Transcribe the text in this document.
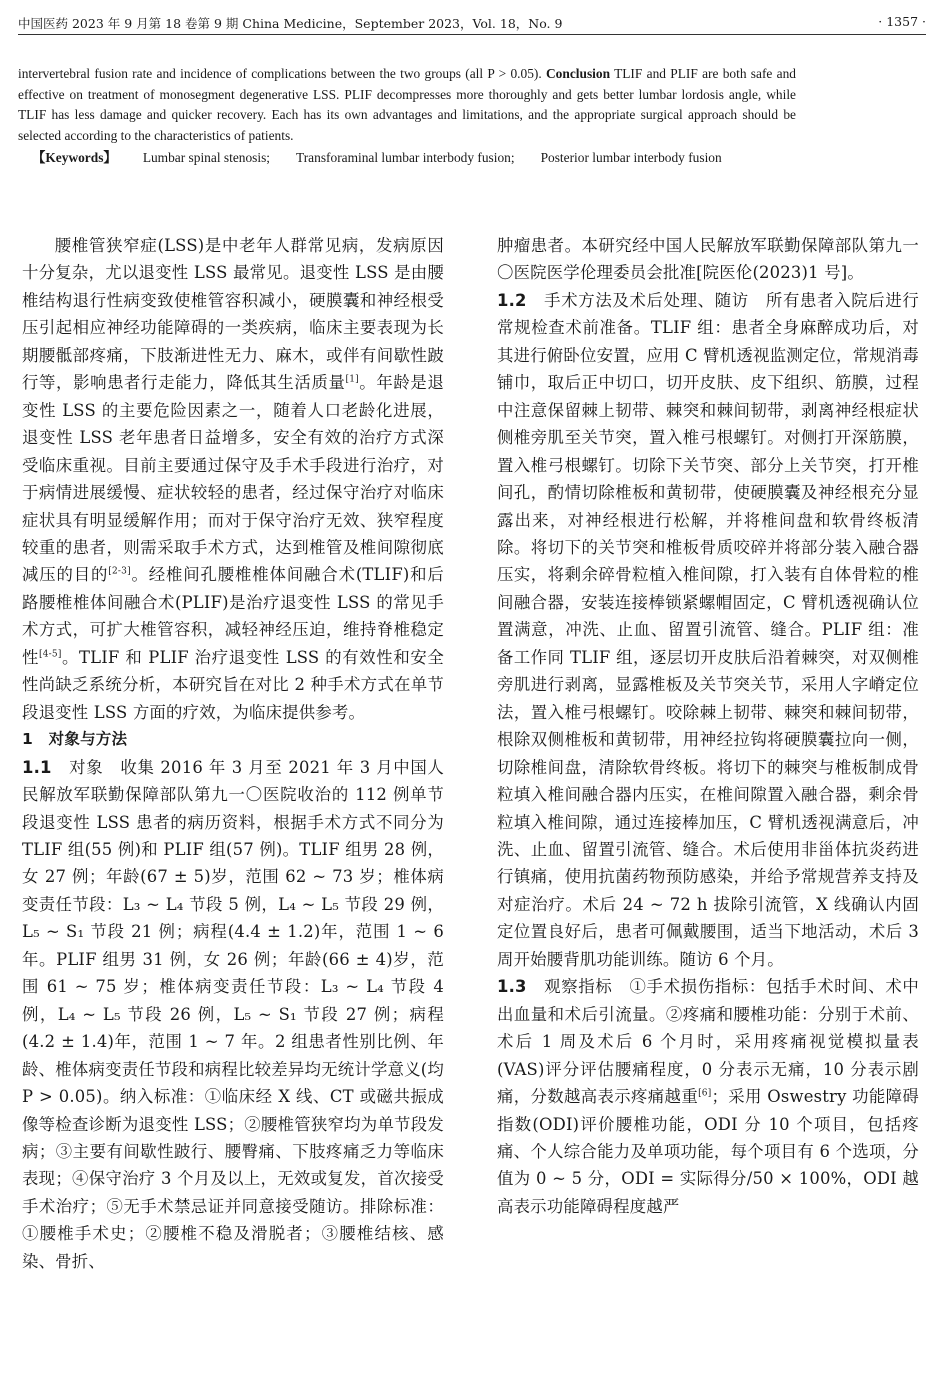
中国医药 2023 年 9 月第 18 卷第 9 期 China Medicine，September 2023，Vol. 18，No. 9	· 1357 ·
intervertebral fusion rate and incidence of complications between the two groups (all P > 0.05). Conclusion TLIF and PLIF are both safe and effective on treatment of monosegment degenerative LSS. PLIF decompresses more thoroughly and gets better lumbar lordosis angle, while TLIF has less damage and quicker recovery. Each has its own advantages and limitations, and the appropriate surgical approach should be selected according to the characteristics of patients.
【Keywords】 Lumbar spinal stenosis; Transforaminal lumbar interbody fusion; Posterior lumbar interbody fusion

腰椎管狭窄症(LSS)是中老年人群常见病，发病原因十分复杂，尤以退变性 LSS 最常见。退变性 LSS 是由腰椎结构退行性病变致使椎管容积减小，硬膜囊和神经根受压引起相应神经功能障碍的一类疾病，临床主要表现为长期腰骶部疼痛，下肢渐进性无力、麻木，或伴有间歇性跛行等，影响患者行走能力，降低其生活质量[1]。年龄是退变性 LSS 的主要危险因素之一，随着人口老龄化进展，退变性 LSS 老年患者日益增多，安全有效的治疗方式深受临床重视。目前主要通过保守及手术手段进行治疗，对于病情进展缓慢、症状较轻的患者，经过保守治疗对临床症状具有明显缓解作用；而对于保守治疗无效、狭窄程度较重的患者，则需采取手术方式，达到椎管及椎间隙彻底减压的目的[2-3]。经椎间孔腰椎椎体间融合术(TLIF)和后路腰椎椎体间融合术(PLIF)是治疗退变性 LSS 的常见手术方式，可扩大椎管容积，减轻神经压迫，维持脊椎稳定性[4-5]。TLIF 和 PLIF 治疗退变性 LSS 的有效性和安全性尚缺乏系统分析，本研究旨在对比 2 种手术方式在单节段退变性 LSS 方面的疗效，为临床提供参考。

1　对象与方法

1.1　对象　收集 2016 年 3 月至 2021 年 3 月中国人民解放军联勤保障部队第九一〇医院收治的 112 例单节段退变性 LSS 患者的病历资料，根据手术方式不同分为 TLIF 组(55 例)和 PLIF 组(57 例)。TLIF 组男 28 例，女 27 例；年龄(67 ± 5)岁，范围 62 ~ 73 岁；椎体病变责任节段：L₃ ~ L₄ 节段 5 例，L₄ ~ L₅ 节段 29 例，L₅ ~ S₁ 节段 21 例；病程(4.4 ± 1.2)年，范围 1 ~ 6 年。PLIF 组男 31 例，女 26 例；年龄(66 ± 4)岁，范围 61 ~ 75 岁；椎体病变责任节段：L₃ ~ L₄ 节段 4 例，L₄ ~ L₅ 节段 26 例，L₅ ~ S₁ 节段 27 例；病程(4.2 ± 1.4)年，范围 1 ~ 7 年。2 组患者性别比例、年龄、椎体病变责任节段和病程比较差异均无统计学意义(均 P > 0.05)。纳入标准：①临床经 X 线、CT 或磁共振成像等检查诊断为退变性 LSS；②腰椎管狭窄均为单节段发病；③主要有间歇性跛行、腰臀痛、下肢疼痛乏力等临床表现；④保守治疗 3 个月及以上，无效或复发，首次接受手术治疗；⑤无手术禁忌证并同意接受随访。排除标准：①腰椎手术史；②腰椎不稳及滑脱者；③腰椎结核、感染、骨折、

肿瘤患者。本研究经中国人民解放军联勤保障部队第九一〇医院医学伦理委员会批准[院医伦(2023)1 号]。

1.2　手术方法及术后处理、随访　所有患者入院后进行常规检查术前准备。TLIF 组：患者全身麻醉成功后，对其进行俯卧位安置，应用 C 臂机透视监测定位，常规消毒铺巾，取后正中切口，切开皮肤、皮下组织、筋膜，过程中注意保留棘上韧带、棘突和棘间韧带，剥离神经根症状侧椎旁肌至关节突，置入椎弓根螺钉。对侧打开深筋膜，置入椎弓根螺钉。切除下关节突、部分上关节突，打开椎间孔，酌情切除椎板和黄韧带，使硬膜囊及神经根充分显露出来，对神经根进行松解，并将椎间盘和软骨终板清除。将切下的关节突和椎板骨质咬碎并将部分装入融合器压实，将剩余碎骨粒植入椎间隙，打入装有自体骨粒的椎间融合器，安装连接棒锁紧螺帽固定，C 臂机透视确认位置满意，冲洗、止血、留置引流管、缝合。PLIF 组：准备工作同 TLIF 组，逐层切开皮肤后沿着棘突，对双侧椎旁肌进行剥离，显露椎板及关节突关节，采用人字嵴定位法，置入椎弓根螺钉。咬除棘上韧带、棘突和棘间韧带，根除双侧椎板和黄韧带，用神经拉钩将硬膜囊拉向一侧，切除椎间盘，清除软骨终板。将切下的棘突与椎板制成骨粒填入椎间融合器内压实，在椎间隙置入融合器，剩余骨粒填入椎间隙，通过连接棒加压，C 臂机透视满意后，冲洗、止血、留置引流管、缝合。术后使用非甾体抗炎药进行镇痛，使用抗菌药物预防感染，并给予常规营养支持及对症治疗。术后 24 ~ 72 h 拔除引流管，X 线确认内固定位置良好后，患者可佩戴腰围，适当下地活动，术后 3 周开始腰背肌功能训练。随访 6 个月。

1.3　观察指标　①手术损伤指标：包括手术时间、术中出血量和术后引流量。②疼痛和腰椎功能：分别于术前、术后 1 周及术后 6 个月时，采用疼痛视觉模拟量表(VAS)评分评估腰痛程度，0 分表示无痛，10 分表示剧痛，分数越高表示疼痛越重[6]；采用 Oswestry 功能障碍指数(ODI)评价腰椎功能，ODI 分 10 个项目，包括疼痛、个人综合能力及单项功能，每个项目有 6 个选项，分值为 0 ~ 5 分，ODI = 实际得分/50 × 100%，ODI 越高表示功能障碍程度越严
